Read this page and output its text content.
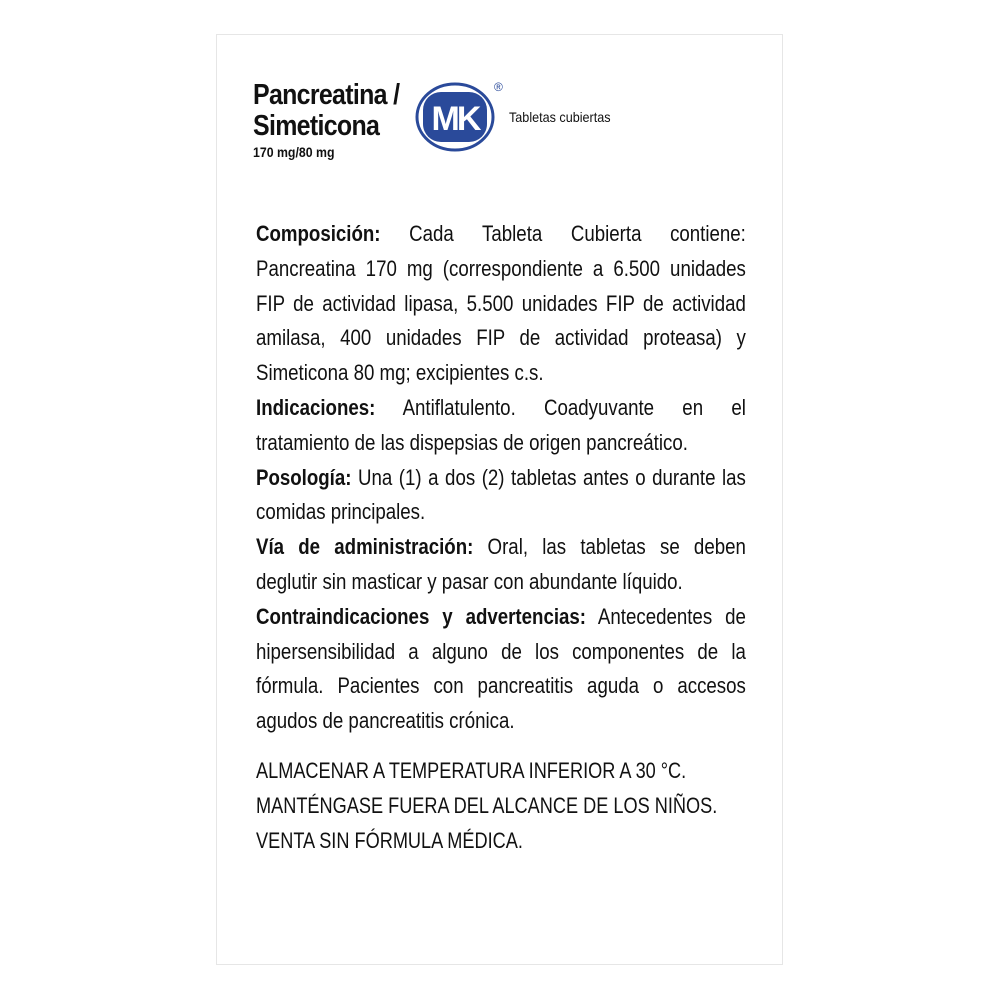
Pancreatina /
Simeticona
170 mg/80 mg
MK
®
Tabletas cubiertas

Composición: Cada Tableta Cubierta contiene: Pancreatina 170 mg (correspondiente a 6.500 unidades FIP de actividad lipasa, 5.500 unidades FIP de actividad amilasa, 400 unidades FIP de actividad proteasa) y Simeticona 80 mg; excipientes c.s.

Indicaciones: Antiflatulento. Coadyuvante en el tratamiento de las dispepsias de origen pancreático.

Posología: Una (1) a dos (2) tabletas antes o durante las comidas principales.

Vía de administración: Oral, las tabletas se deben deglutir sin masticar y pasar con abundante líquido.

Contraindicaciones y advertencias: Antecedentes de hipersensibilidad a alguno de los componentes de la fórmula. Pacientes con pancreatitis aguda o accesos agudos de pancreatitis crónica.

ALMACENAR A TEMPERATURA INFERIOR A 30 °C.
MANTÉNGASE FUERA DEL ALCANCE DE LOS NIÑOS.
VENTA SIN FÓRMULA MÉDICA.
